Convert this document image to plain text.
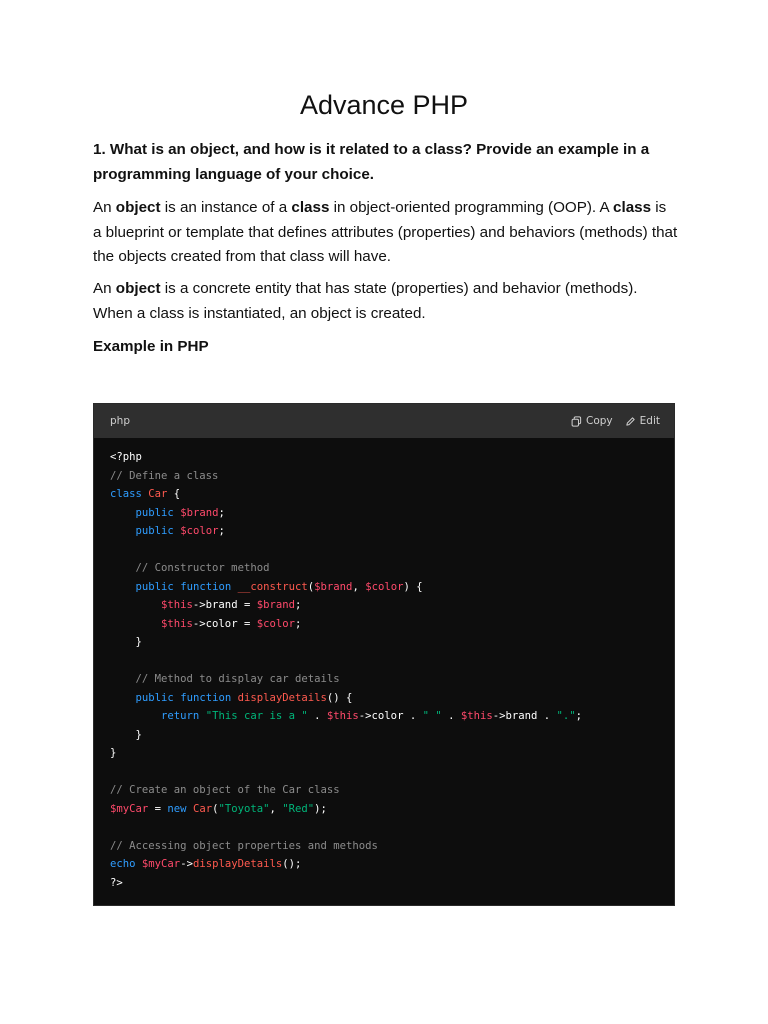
Advance PHP

1. What is an object, and how is it related to a class? Provide an example in a programming language of your choice.

An object is an instance of a class in object-oriented programming (OOP). A class is a blueprint or template that defines attributes (properties) and behaviors (methods) that the objects created from that class will have.

An object is a concrete entity that has state (properties) and behavior (methods). When a class is instantiated, an object is created.

Example in PHP

php	Copy	Edit
<?php
// Define a class
class Car {
public $brand;
public $color;

// Constructor method
public function __construct($brand, $color) {
$this->brand = $brand;
$this->color = $color;
}

// Method to display car details
public function displayDetails() {
return "This car is a " . $this->color . " " . $this->brand . ".";
}
}

// Create an object of the Car class
$myCar = new Car("Toyota", "Red");

// Accessing object properties and methods
echo $myCar->displayDetails();
?>
